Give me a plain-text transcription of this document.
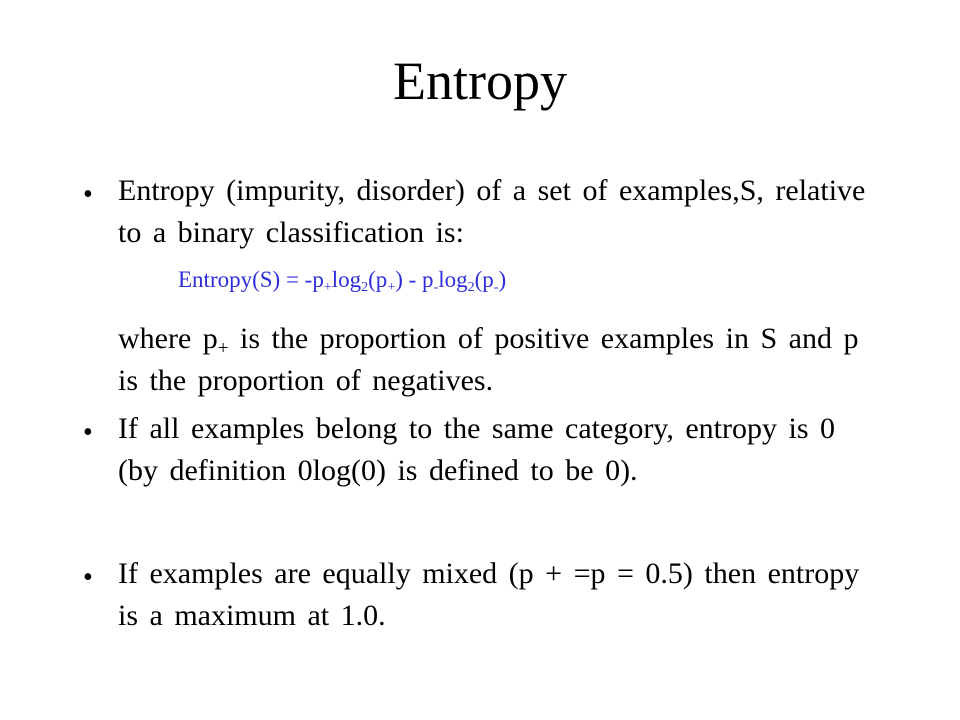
Entropy
• Entropy (impurity, disorder) of a set of examples,S, relative to a binary classification is:

Entropy(S) = $-p_+\log_2(p_+) - p_-\log_2(p_-)$

where $p_+$ is the proportion of positive examples in S and p is the proportion of negatives.

• If all examples belong to the same category, entropy is 0 (by definition 0log(0) is defined to be 0).

• If examples are equally mixed (p + =p = 0.5) then entropy is a maximum at 1.0.
